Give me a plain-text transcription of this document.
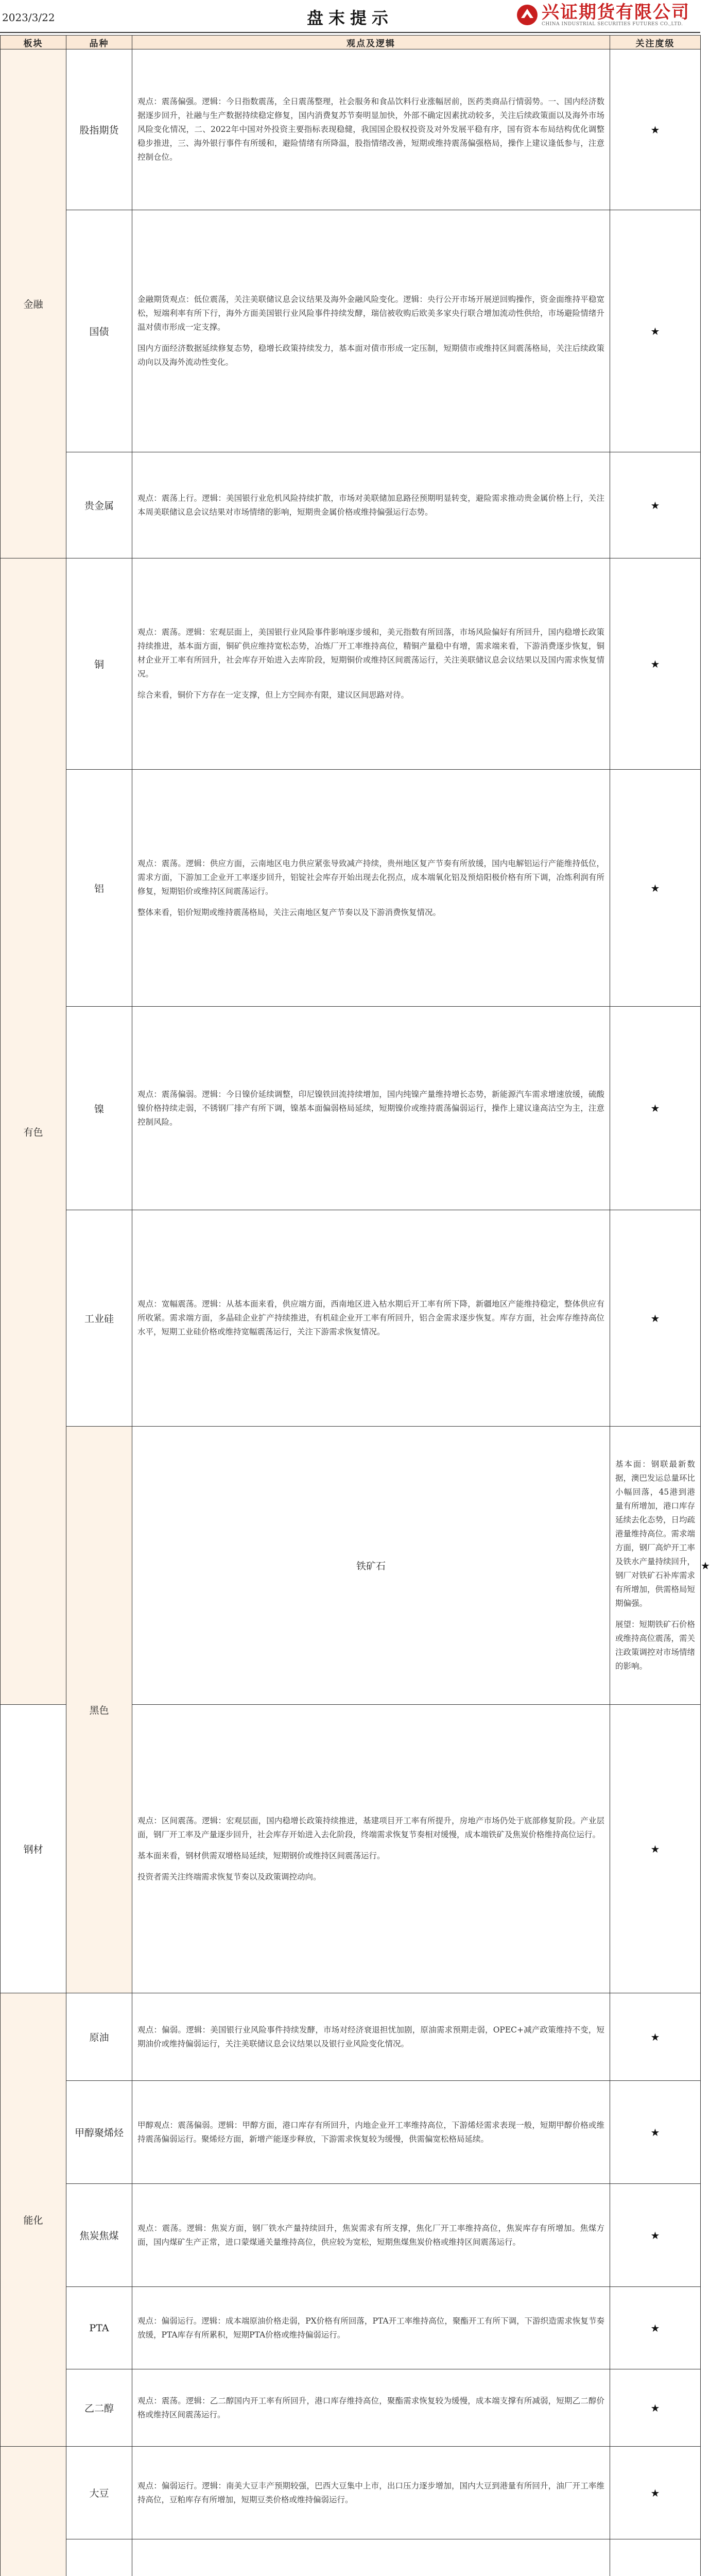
2023/3/22	盘末提示	兴证期货有限公司
CHINA INDUSTRIAL SECURITIES FUTURES CO.,LTD.
板块	品种	观点及逻辑	关注度级	
金融	股指期货	观点：震荡偏强。逻辑：今日指数震荡，全日震荡整理，社会服务和食品饮料行业涨幅居前，医药类商品行情弱势。一、国内经济数据逐步回升，社融与生产数据持续稳定修复，国内消费复苏节奏明显加快，外部不确定因素扰动较多，关注后续政策面以及海外市场风险变化情况，二、2022年中国对外投资主要指标表现稳健，我国国企股权投资及对外发展平稳有序，国有资本布局结构优化调整稳步推进，三、海外银行事件有所缓和，避险情绪有所降温，股指情绪改善，短期或维持震荡偏强格局，操作上建议逢低参与，注意控制仓位。	★	
	国债	金融期货观点：低位震荡，关注美联储议息会议结果及海外金融风险变化。逻辑：央行公开市场开展逆回购操作，资金面维持平稳宽松，短端利率有所下行，海外方面美国银行业风险事件持续发酵，瑞信被收购后欧美多家央行联合增加流动性供给，市场避险情绪升温对债市形成一定支撑。

国内方面经济数据延续修复态势，稳增长政策持续发力，基本面对债市形成一定压制，短期债市或维持区间震荡格局，关注后续政策动向以及海外流动性变化。	★	
	贵金属	观点：震荡上行。逻辑：美国银行业危机风险持续扩散，市场对美联储加息路径预期明显转变，避险需求推动贵金属价格上行，关注本周美联储议息会议结果对市场情绪的影响，短期贵金属价格或维持偏强运行态势。	★	
有色	铜	观点：震荡。逻辑：宏观层面上，美国银行业风险事件影响逐步缓和，美元指数有所回落，市场风险偏好有所回升，国内稳增长政策持续推进，基本面方面，铜矿供应维持宽松态势，冶炼厂开工率维持高位，精铜产量稳中有增，需求端来看，下游消费逐步恢复，铜材企业开工率有所回升，社会库存开始进入去库阶段，短期铜价或维持区间震荡运行，关注美联储议息会议结果以及国内需求恢复情况。

综合来看，铜价下方存在一定支撑，但上方空间亦有限，建议区间思路对待。	★	
	铝	观点：震荡。逻辑：供应方面，云南地区电力供应紧张导致减产持续，贵州地区复产节奏有所放缓，国内电解铝运行产能维持低位，需求方面，下游加工企业开工率逐步回升，铝锭社会库存开始出现去化拐点，成本端氧化铝及预焙阳极价格有所下调，冶炼利润有所修复，短期铝价或维持区间震荡运行。

整体来看，铝价短期或维持震荡格局，关注云南地区复产节奏以及下游消费恢复情况。	★	
	镍	观点：震荡偏弱。逻辑：今日镍价延续调整，印尼镍铁回流持续增加，国内纯镍产量维持增长态势，新能源汽车需求增速放缓，硫酸镍价格持续走弱，不锈钢厂排产有所下调，镍基本面偏弱格局延续，短期镍价或维持震荡偏弱运行，操作上建议逢高沽空为主，注意控制风险。	★	
	工业硅	观点：宽幅震荡。逻辑：从基本面来看，供应端方面，西南地区进入枯水期后开工率有所下降，新疆地区产能维持稳定，整体供应有所收紧。需求端方面，多晶硅企业扩产持续推进，有机硅企业开工率有所回升，铝合金需求逐步恢复。库存方面，社会库存维持高位水平，短期工业硅价格或维持宽幅震荡运行，关注下游需求恢复情况。	★	
	黑色	铁矿石	基本面：钢联最新数据，澳巴发运总量环比小幅回落，45港到港量有所增加，港口库存延续去化态势，日均疏港量维持高位。需求端方面，钢厂高炉开工率及铁水产量持续回升，钢厂对铁矿石补库需求有所增加，供需格局短期偏强。

展望：短期铁矿石价格或维持高位震荡，需关注政策调控对市场情绪的影响。	★
钢材		观点：区间震荡。逻辑：宏观层面，国内稳增长政策持续推进，基建项目开工率有所提升，房地产市场仍处于底部修复阶段。产业层面，钢厂开工率及产量逐步回升，社会库存开始进入去化阶段，终端需求恢复节奏相对缓慢，成本端铁矿及焦炭价格维持高位运行。

基本面来看，钢材供需双增格局延续，短期钢价或维持区间震荡运行。

投资者需关注终端需求恢复节奏以及政策调控动向。	★	
能化	原油	观点：偏弱。逻辑：美国银行业风险事件持续发酵，市场对经济衰退担忧加剧，原油需求预期走弱，OPEC+减产政策维持不变，短期油价或维持偏弱运行，关注美联储议息会议结果以及银行业风险变化情况。	★	
	甲醇聚烯烃	甲醇观点：震荡偏弱。逻辑：甲醇方面，港口库存有所回升，内地企业开工率维持高位，下游烯烃需求表现一般，短期甲醇价格或维持震荡偏弱运行。聚烯烃方面，新增产能逐步释放，下游需求恢复较为缓慢，供需偏宽松格局延续。	★	
	焦炭焦煤	观点：震荡。逻辑：焦炭方面，钢厂铁水产量持续回升，焦炭需求有所支撑，焦化厂开工率维持高位，焦炭库存有所增加。焦煤方面，国内煤矿生产正常，进口蒙煤通关量维持高位，供应较为宽松，短期焦煤焦炭价格或维持区间震荡运行。	★	
	PTA	观点：偏弱运行。逻辑：成本端原油价格走弱，PX价格有所回落，PTA开工率维持高位，聚酯开工有所下调，下游织造需求恢复节奏放缓，PTA库存有所累积，短期PTA价格或维持偏弱运行。	★	
	乙二醇	观点：震荡。逻辑：乙二醇国内开工率有所回升，港口库存维持高位，聚酯需求恢复较为缓慢，成本端支撑有所减弱，短期乙二醇价格或维持区间震荡运行。	★	
	大豆	观点：偏弱运行。逻辑：南美大豆丰产预期较强，巴西大豆集中上市，出口压力逐步增加，国内大豆到港量有所回升，油厂开工率维持高位，豆粕库存有所增加，短期豆类价格或维持偏弱运行。	★	
